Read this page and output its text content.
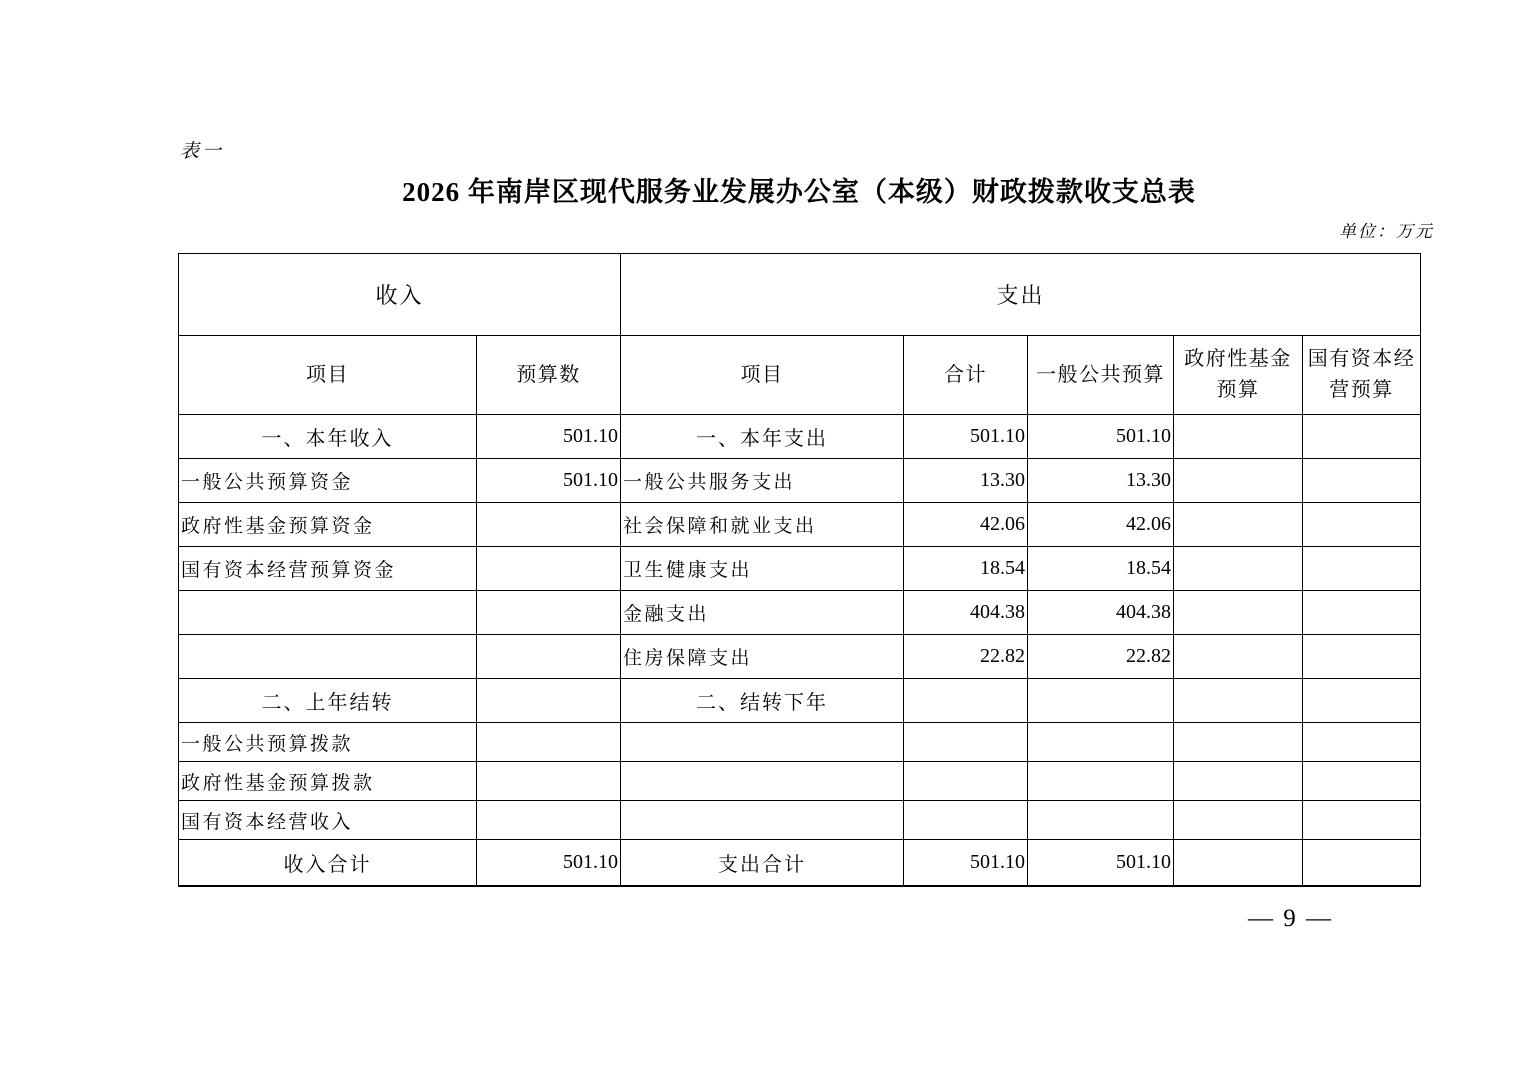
表一
2026 年南岸区现代服务业发展办公室（本级）财政拨款收支总表
单位：万元
收入		支出				
项目	预算数	项目	合计	一般公共预算	政府性基金预算	国有资本经营预算
一、本年收入	501.10	一、本年支出	501.10	501.10		
一般公共预算资金	501.10	一般公共服务支出	13.30	13.30		
政府性基金预算资金		社会保障和就业支出	42.06	42.06		
国有资本经营预算资金		卫生健康支出	18.54	18.54		
		金融支出	404.38	404.38		
		住房保障支出	22.82	22.82		
二、上年结转		二、结转下年				
一般公共预算拨款						
政府性基金预算拨款						
国有资本经营收入						
收入合计	501.10	支出合计	501.10	501.10		
— 9 —
